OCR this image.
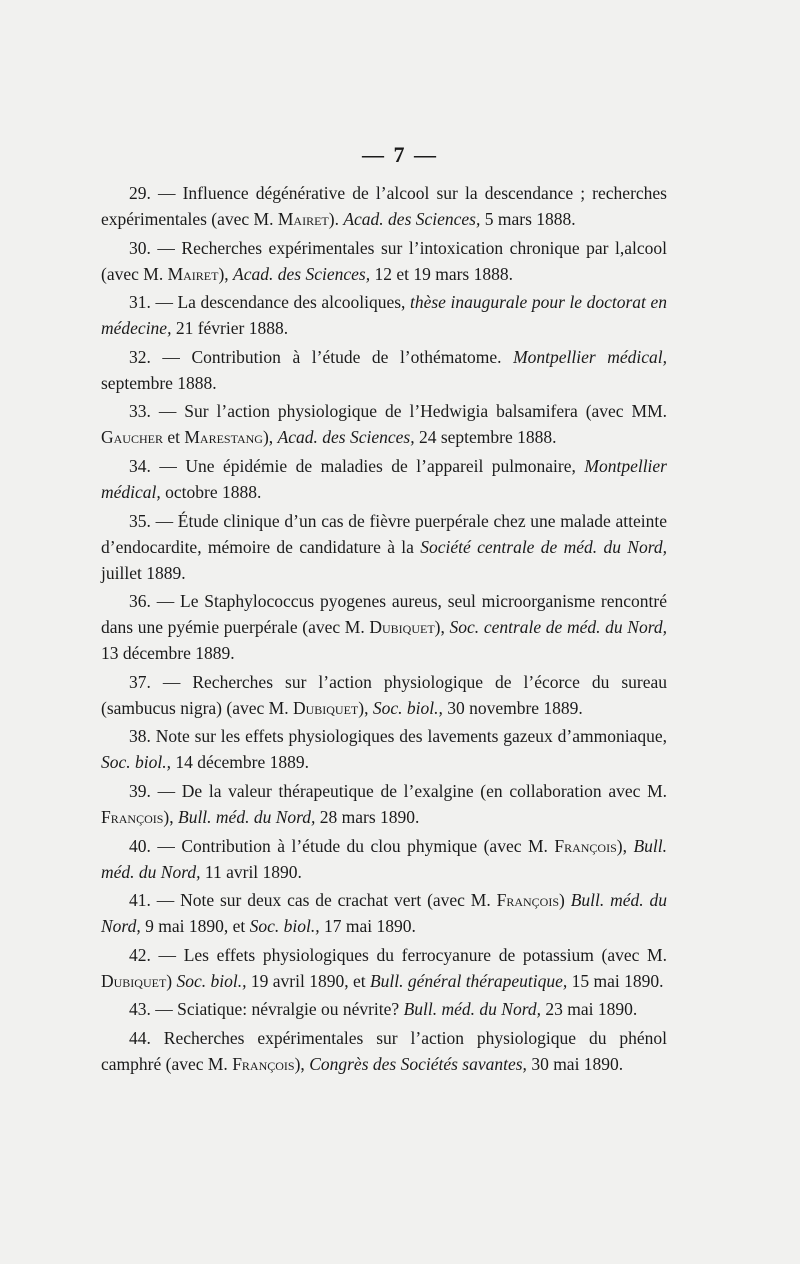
— 7 —

29. — Influence dégénérative de l’alcool sur la descendance ; recherches expérimentales (avec M. Mairet). Acad. des Sciences, 5 mars 1888.

30. — Recherches expérimentales sur l’intoxication chronique par l,alcool (avec M. Mairet), Acad. des Sciences, 12 et 19 mars 1888.

31. — La descendance des alcooliques, thèse inaugurale pour le doctorat en médecine, 21 février 1888.

32. — Contribution à l’étude de l’othématome. Montpellier médical, septembre 1888.

33. — Sur l’action physiologique de l’Hedwigia balsamifera (avec MM. Gaucher et Marestang), Acad. des Sciences, 24 septembre 1888.

34. — Une épidémie de maladies de l’appareil pulmonaire, Montpellier médical, octobre 1888.

35. — Étude clinique d’un cas de fièvre puerpérale chez une malade atteinte d’endocardite, mémoire de candidature à la Société centrale de méd. du Nord, juillet 1889.

36. — Le Staphylococcus pyogenes aureus, seul microorganisme rencontré dans une pyémie puerpérale (avec M. Dubiquet), Soc. centrale de méd. du Nord, 13 décembre 1889.

37. — Recherches sur l’action physiologique de l’écorce du sureau (sambucus nigra) (avec M. Dubiquet), Soc. biol., 30 novembre 1889.

38. Note sur les effets physiologiques des lavements gazeux d’ammoniaque, Soc. biol., 14 décembre 1889.

39. — De la valeur thérapeutique de l’exalgine (en collaboration avec M. François), Bull. méd. du Nord, 28 mars 1890.

40. — Contribution à l’étude du clou phymique (avec M. François), Bull. méd. du Nord, 11 avril 1890.

41. — Note sur deux cas de crachat vert (avec M. François) Bull. méd. du Nord, 9 mai 1890, et Soc. biol., 17 mai 1890.

42. — Les effets physiologiques du ferrocyanure de potassium (avec M. Dubiquet) Soc. biol., 19 avril 1890, et Bull. général thérapeutique, 15 mai 1890.

43. — Sciatique: névralgie ou névrite? Bull. méd. du Nord, 23 mai 1890.

44. Recherches expérimentales sur l’action physiologique du phénol camphré (avec M. François), Congrès des Sociétés savantes, 30 mai 1890.
